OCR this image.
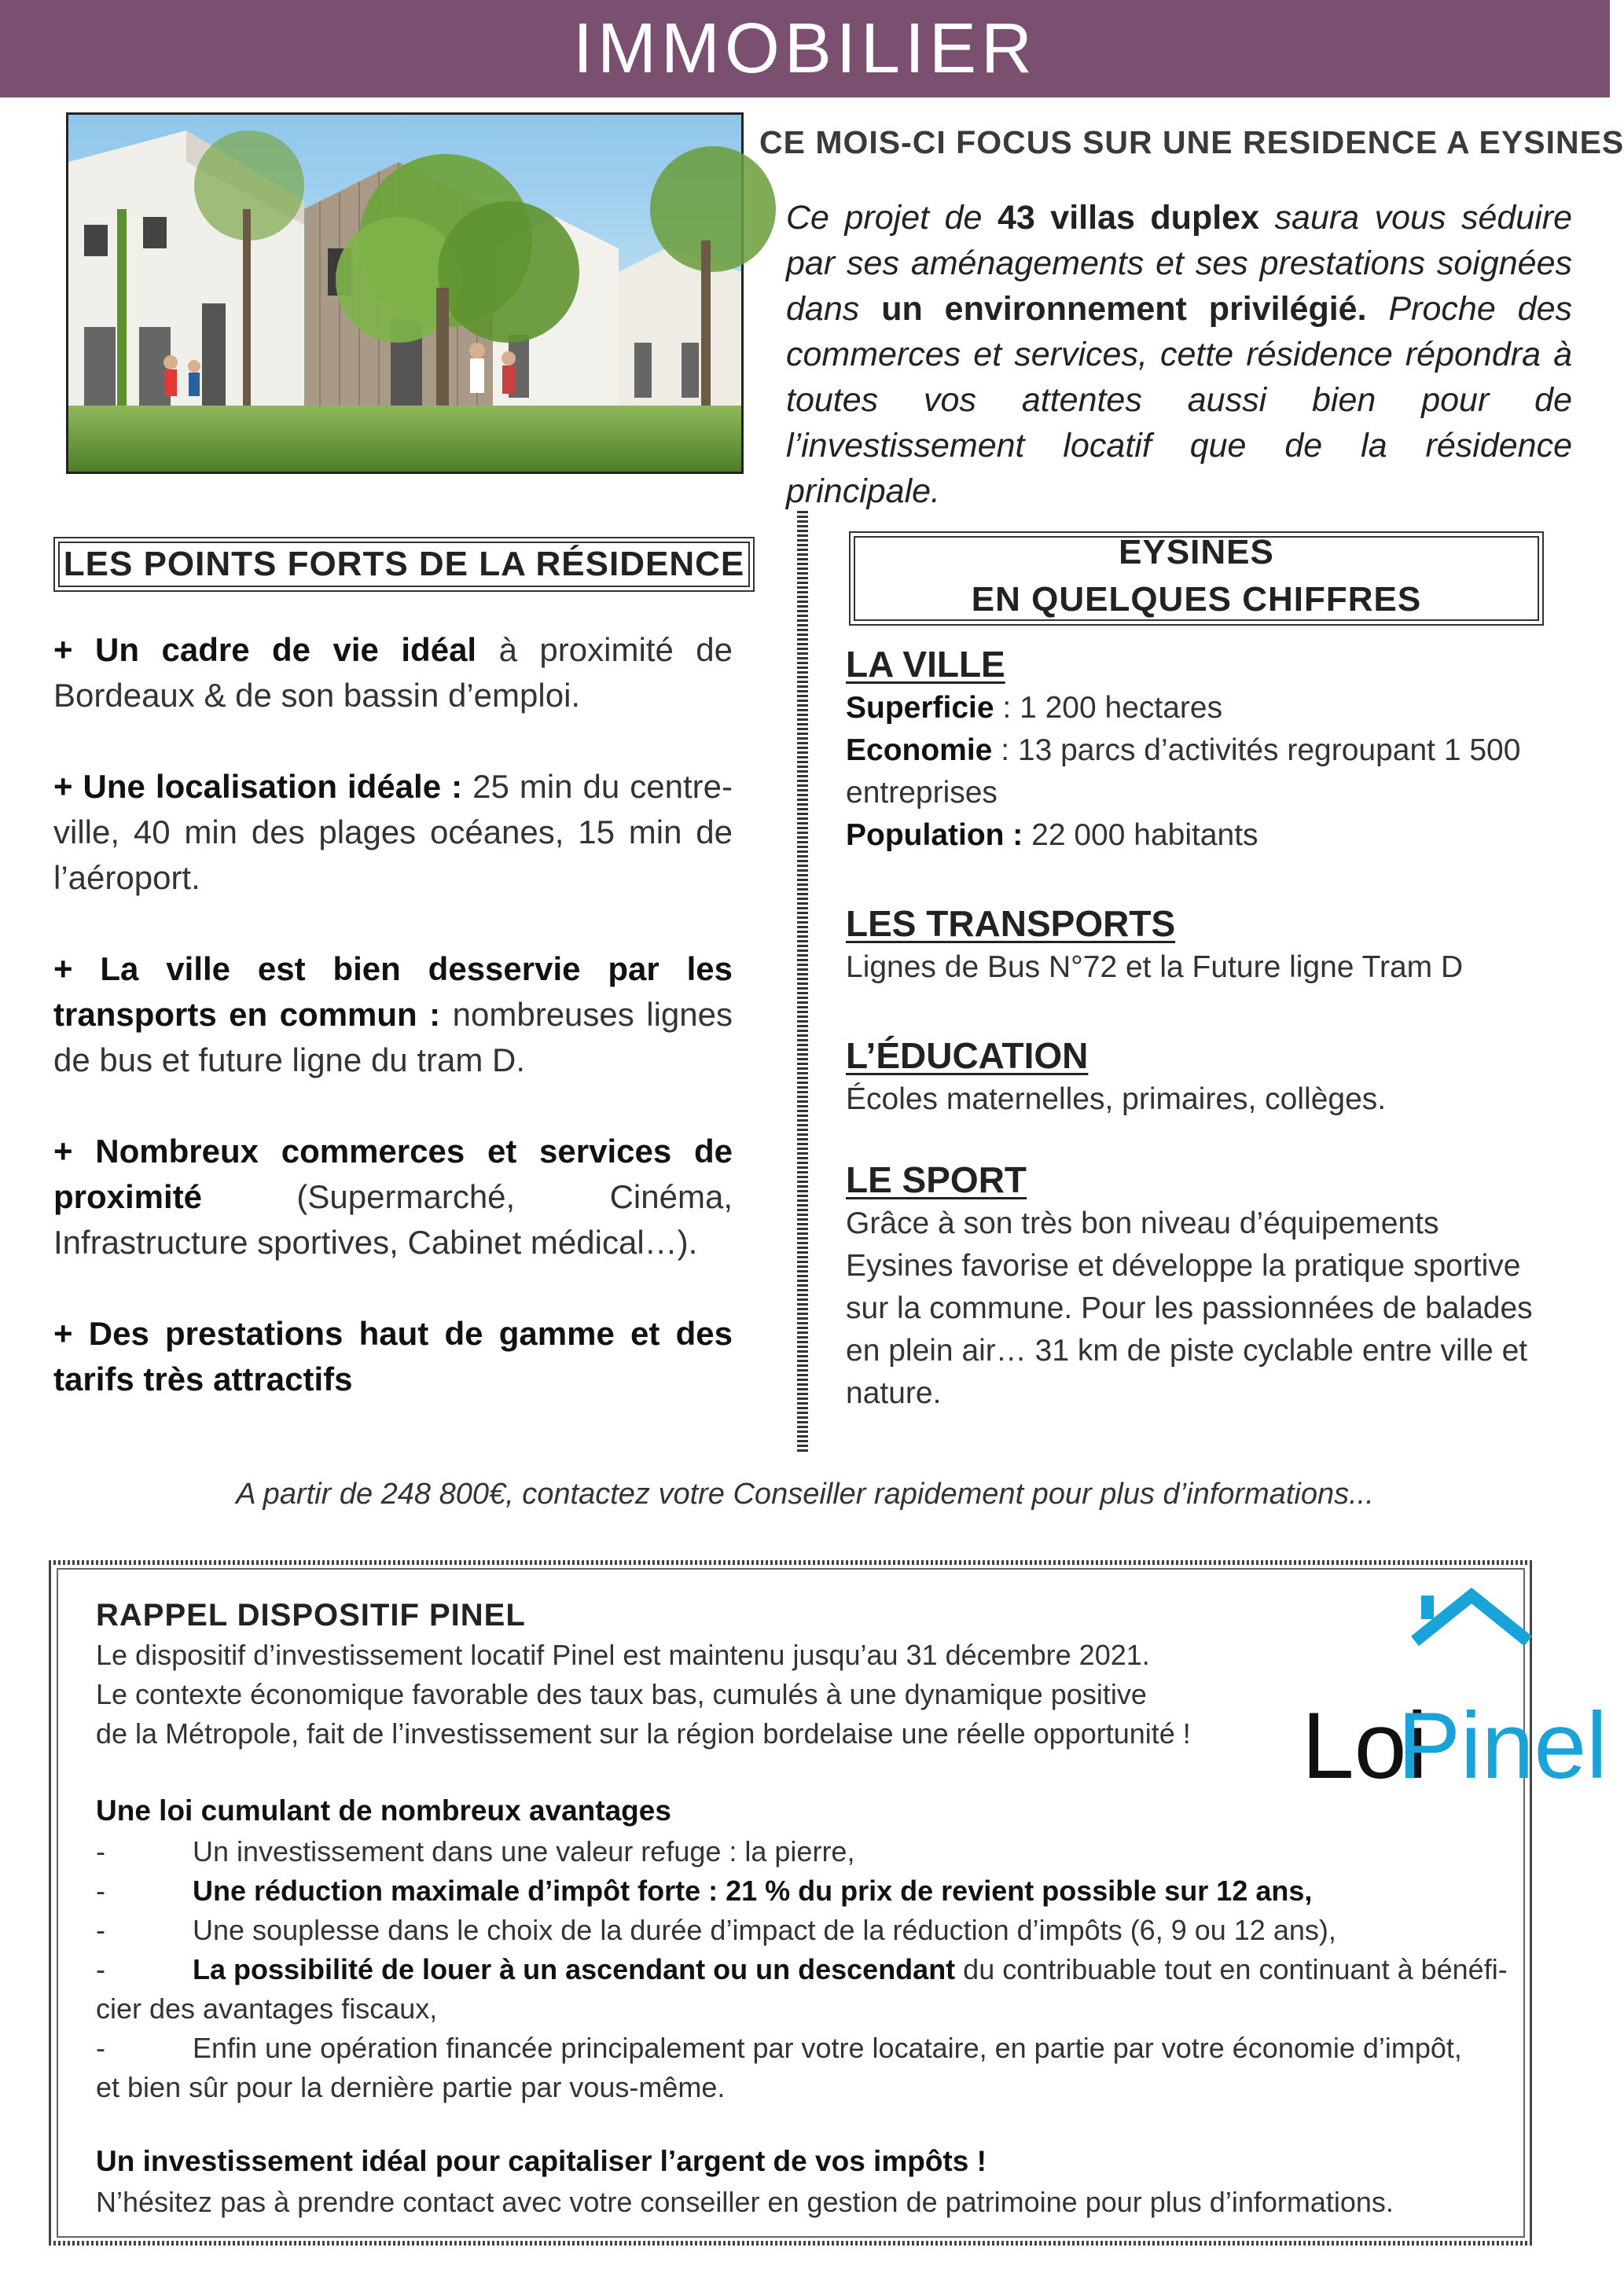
IMMOBILIER
CE MOIS-CI FOCUS SUR UNE RESIDENCE A EYSINES
Ce projet de 43 villas duplex saura vous séduire par ses aménagements et ses prestations soignées dans un environnement privilégié. Proche des commerces et services, cette résidence répondra à toutes vos attentes aussi bien pour de l’investissement locatif que de la résidence principale.
LES POINTS FORTS DE LA RÉSIDENCE
+ Un cadre de vie idéal à proximité de Bordeaux & de son bassin d’emploi.
+ Une localisation idéale : 25 min du centre-ville, 40 min des plages océanes, 15 min de l’aéroport.
+ La ville est bien desservie par les transports en commun : nombreuses lignes de bus et future ligne du tram D.
+ Nombreux commerces et services de proximité (Supermarché, Cinéma, Infrastructure sportives, Cabinet médical…).
+ Des prestations haut de gamme et des tarifs très attractifs
EYSINES
EN QUELQUES CHIFFRES
LA VILLE
Superficie : 1 200 hectares
Economie : 13 parcs d’activités regroupant 1 500 entreprises
Population : 22 000 habitants
LES TRANSPORTS
Lignes de Bus N°72 et la Future ligne Tram D
L’ÉDUCATION
Écoles maternelles, primaires, collèges.
LE SPORT
Grâce à son très bon niveau d’équipements Eysines favorise et développe la pratique sportive sur la commune. Pour les passionnées de balades en plein air… 31 km de piste cyclable entre ville et nature.
A partir de 248 800€, contactez votre Conseiller rapidement pour plus d’informations...
RAPPEL DISPOSITIF PINEL
Le dispositif d’investissement locatif Pinel est maintenu jusqu’au 31 décembre 2021.
Le contexte économique favorable des taux bas, cumulés à une dynamique positive
de la Métropole, fait de l’investissement sur la région bordelaise une réelle opportunité !
Une loi cumulant de nombreux avantages
-	Un investissement dans une valeur refuge : la pierre,
-	Une réduction maximale d’impôt forte : 21 % du prix de revient possible sur 12 ans,
-	Une souplesse dans le choix de la durée d’impact de la réduction d’impôts (6, 9 ou 12 ans),
-	La possibilité de louer à un ascendant ou un descendant du contribuable tout en continuant à bénéfi-
cier des avantages fiscaux,
-	Enfin une opération financée principalement par votre locataire, en partie par votre économie d’impôt,
et bien sûr pour la dernière partie par vous-même.
Un investissement idéal pour capitaliser l’argent de vos impôts !
N’hésitez pas à prendre contact avec votre conseiller en gestion de patrimoine pour plus d’informations.
Loi
Pinel
